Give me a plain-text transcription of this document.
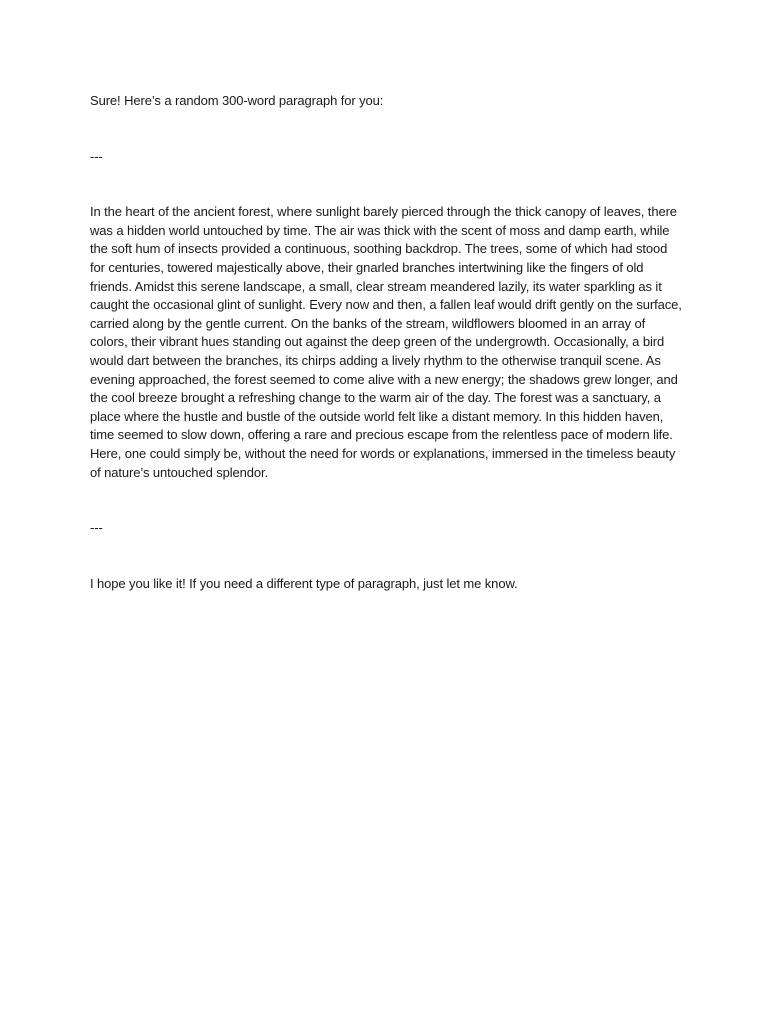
Sure! Here’s a random 300-word paragraph for you:

---

In the heart of the ancient forest, where sunlight barely pierced through the thick canopy of leaves, there was a hidden world untouched by time. The air was thick with the scent of moss and damp earth, while the soft hum of insects provided a continuous, soothing backdrop. The trees, some of which had stood for centuries, towered majestically above, their gnarled branches intertwining like the fingers of old friends. Amidst this serene landscape, a small, clear stream meandered lazily, its water sparkling as it caught the occasional glint of sunlight. Every now and then, a fallen leaf would drift gently on the surface, carried along by the gentle current. On the banks of the stream, wildflowers bloomed in an array of colors, their vibrant hues standing out against the deep green of the undergrowth. Occasionally, a bird would dart between the branches, its chirps adding a lively rhythm to the otherwise tranquil scene. As evening approached, the forest seemed to come alive with a new energy; the shadows grew longer, and the cool breeze brought a refreshing change to the warm air of the day. The forest was a sanctuary, a place where the hustle and bustle of the outside world felt like a distant memory. In this hidden haven, time seemed to slow down, offering a rare and precious escape from the relentless pace of modern life. Here, one could simply be, without the need for words or explanations, immersed in the timeless beauty of nature’s untouched splendor.

---

I hope you like it! If you need a different type of paragraph, just let me know.
